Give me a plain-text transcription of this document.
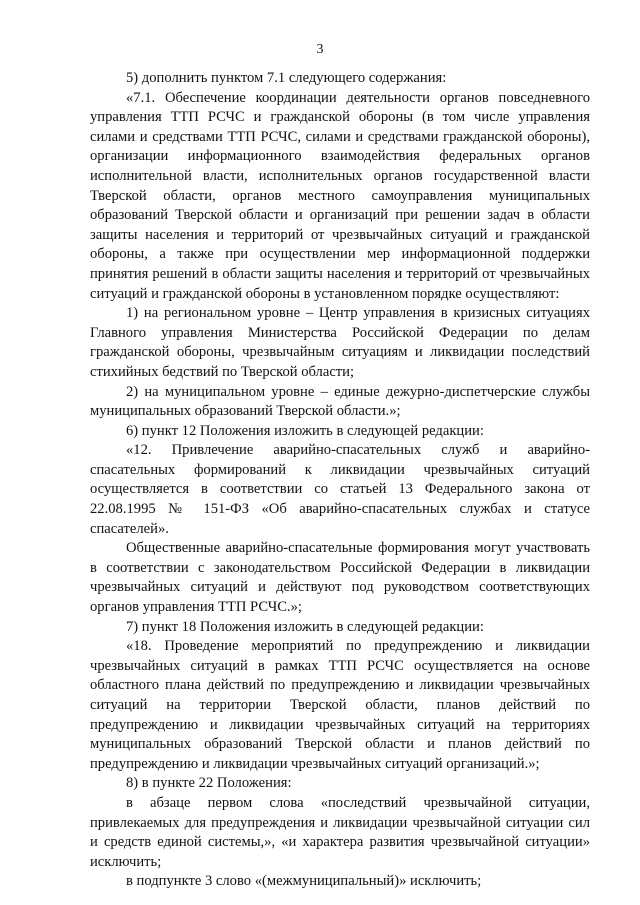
3

5) дополнить пунктом 7.1 следующего содержания:

«7.1. Обеспечение координации деятельности органов повседневного управления ТТП РСЧС и гражданской обороны (в том числе управления силами и средствами ТТП РСЧС, силами и средствами гражданской обороны), организации информационного взаимодействия федеральных органов исполнительной власти, исполнительных органов государственной власти Тверской области, органов местного самоуправления муниципальных образований Тверской области и организаций при решении задач в области защиты населения и территорий от чрезвычайных ситуаций и гражданской обороны, а также при осуществлении мер информационной поддержки принятия решений в области защиты населения и территорий от чрезвычайных ситуаций и гражданской обороны в установленном порядке осуществляют:

1) на региональном уровне – Центр управления в кризисных ситуациях Главного управления Министерства Российской Федерации по делам гражданской обороны, чрезвычайным ситуациям и ликвидации последствий стихийных бедствий по Тверской области;

2) на муниципальном уровне – единые дежурно-диспетчерские службы муниципальных образований Тверской области.»;

6) пункт 12 Положения изложить в следующей редакции:

«12. Привлечение аварийно-спасательных служб и аварийно-спасательных формирований к ликвидации чрезвычайных ситуаций осуществляется в соответствии со статьей 13 Федерального закона от 22.08.1995 № 151-ФЗ «Об аварийно-спасательных службах и статусе спасателей».

Общественные аварийно-спасательные формирования могут участвовать в соответствии с законодательством Российской Федерации в ликвидации чрезвычайных ситуаций и действуют под руководством соответствующих органов управления ТТП РСЧС.»;

7) пункт 18 Положения изложить в следующей редакции:

«18. Проведение мероприятий по предупреждению и ликвидации чрезвычайных ситуаций в рамках ТТП РСЧС осуществляется на основе областного плана действий по предупреждению и ликвидации чрезвычайных ситуаций на территории Тверской области, планов действий по предупреждению и ликвидации чрезвычайных ситуаций на территориях муниципальных образований Тверской области и планов действий по предупреждению и ликвидации чрезвычайных ситуаций организаций.»;

8) в пункте 22 Положения:

в абзаце первом слова «последствий чрезвычайной ситуации, привлекаемых для предупреждения и ликвидации чрезвычайной ситуации сил и средств единой системы,», «и характера развития чрезвычайной ситуации» исключить;

в подпункте 3 слово «(межмуниципальный)» исключить;
